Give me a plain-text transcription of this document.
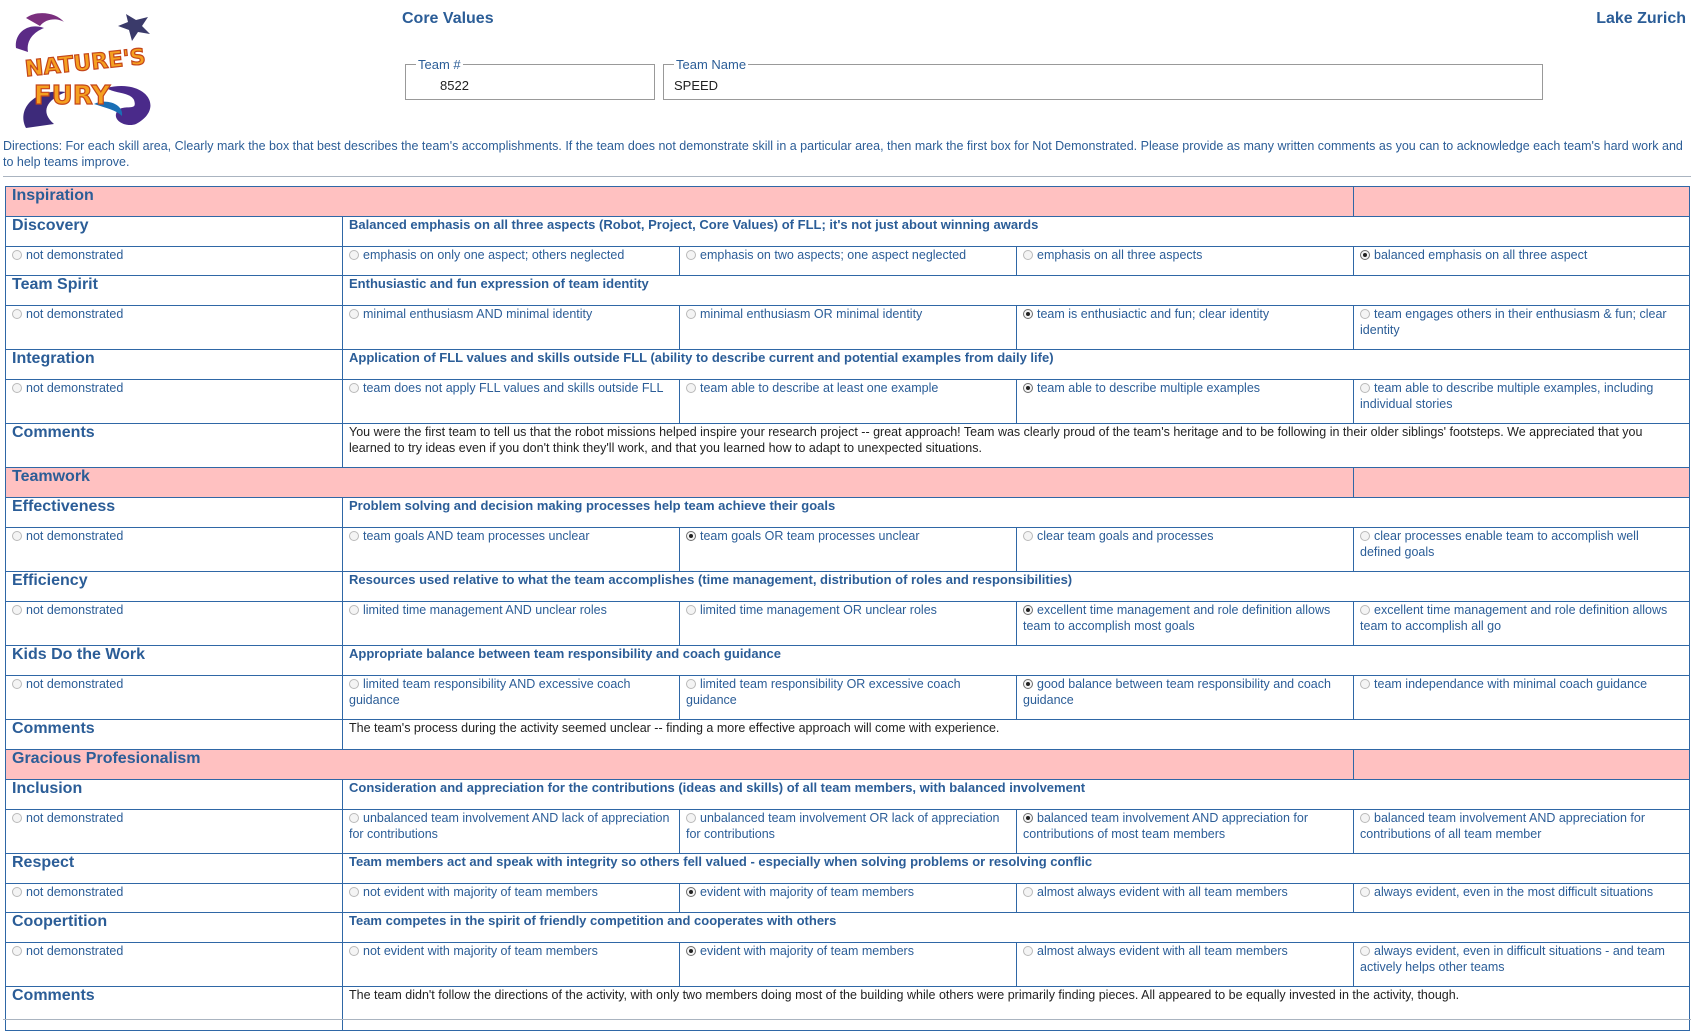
NATURE'S
FURY
Core Values	Lake Zurich
Team #
8522
Team Name
SPEED
Directions: For each skill area, Clearly mark the box that best describes the team's accomplishments. If the team does not demonstrate skill in a particular area, then mark the first box for Not Demonstrated. Please provide as many written comments as you can to acknowledge each team's hard work and to help teams improve.
Inspiration				
Discovery	Balanced emphasis on all three aspects (Robot, Project, Core Values) of FLL; it's not just about winning awards			
not demonstrated	emphasis on only one aspect; others neglected	emphasis on two aspects; one aspect neglected	emphasis on all three aspects	balanced emphasis on all three aspect
Team Spirit	Enthusiastic and fun expression of team identity			
not demonstrated	minimal enthusiasm AND minimal identity	minimal enthusiasm OR minimal identity	team is enthusiactic and fun; clear identity	team engages others in their enthusiasm & fun; clear identity
Integration	Application of FLL values and skills outside FLL (ability to describe current and potential examples from daily life)			
not demonstrated	team does not apply FLL values and skills outside FLL	team able to describe at least one example	team able to describe multiple examples	team able to describe multiple examples, including individual stories
Comments	You were the first team to tell us that the robot missions helped inspire your research project -- great approach! Team was clearly proud of the team's heritage and to be following in their older siblings' footsteps. We appreciated that you learned to try ideas even if you don't think they'll work, and that you learned how to adapt to unexpected situations.			
Teamwork				
Effectiveness	Problem solving and decision making processes help team achieve their goals			
not demonstrated	team goals AND team processes unclear	team goals OR team processes unclear	clear team goals and processes	clear processes enable team to accomplish well defined goals
Efficiency	Resources used relative to what the team accomplishes (time management, distribution of roles and responsibilities)			
not demonstrated	limited time management AND unclear roles	limited time management OR unclear roles	excellent time management and role definition allows team to accomplish most goals	excellent time management and role definition allows team to accomplish all go
Kids Do the Work	Appropriate balance between team responsibility and coach guidance			
not demonstrated	limited team responsibility AND excessive coach guidance	limited team responsibility OR excessive coach guidance	good balance between team responsibility and coach guidance	team independance with minimal coach guidance
Comments	The team's process during the activity seemed unclear -- finding a more effective approach will come with experience.			
Gracious Profesionalism				
Inclusion	Consideration and appreciation for the contributions (ideas and skills) of all team members, with balanced involvement			
not demonstrated	unbalanced team involvement AND lack of appreciation for contributions	unbalanced team involvement OR lack of appreciation for contributions	balanced team involvement AND appreciation for contributions of most team members	balanced team involvement AND appreciation for contributions of all team member
Respect	Team members act and speak with integrity so others fell valued - especially when solving problems or resolving conflic			
not demonstrated	not evident with majority of team members	evident with majority of team members	almost always evident with all team members	always evident, even in the most difficult situations
Coopertition	Team competes in the spirit of friendly competition and cooperates with others			
not demonstrated	not evident with majority of team members	evident with majority of team members	almost always evident with all team members	always evident, even in difficult situations - and team actively helps other teams
Comments	The team didn't follow the directions of the activity, with only two members doing most of the building while others were primarily finding pieces. All appeared to be equally invested in the activity, though.			
